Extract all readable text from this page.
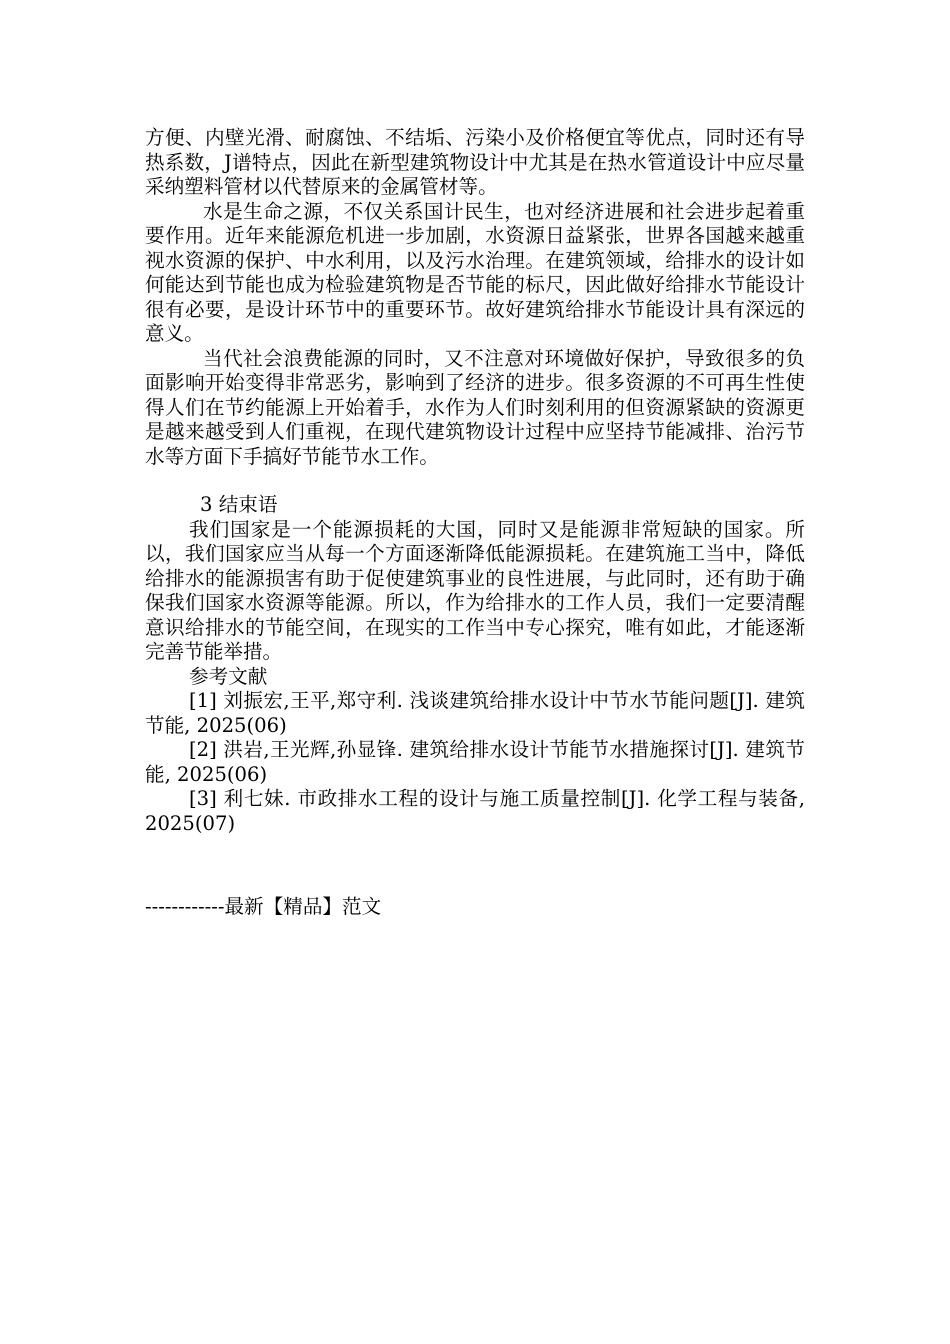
方便、内壁光滑、耐腐蚀、不结垢、污染小及价格便宜等优点，同时还有导热系数，J谱特点，因此在新型建筑物设计中尤其是在热水管道设计中应尽量采纳塑料管材以代替原来的金属管材等。

水是生命之源，不仅关系国计民生，也对经济进展和社会进步起着重要作用。近年来能源危机进一步加剧，水资源日益紧张，世界各国越来越重视水资源的保护、中水利用，以及污水治理。在建筑领域，给排水的设计如何能达到节能也成为检验建筑物是否节能的标尺，因此做好给排水节能设计很有必要，是设计环节中的重要环节。故好建筑给排水节能设计具有深远的意义。

当代社会浪费能源的同时，又不注意对环境做好保护，导致很多的负面影响开始变得非常恶劣，影响到了经济的进步。很多资源的不可再生性使得人们在节约能源上开始着手，水作为人们时刻利用的但资源紧缺的资源更是越来越受到人们重视，在现代建筑物设计过程中应坚持节能减排、治污节水等方面下手搞好节能节水工作。

3 结束语

我们国家是一个能源损耗的大国，同时又是能源非常短缺的国家。所以，我们国家应当从每一个方面逐渐降低能源损耗。在建筑施工当中，降低给排水的能源损害有助于促使建筑事业的良性进展，与此同时，还有助于确保我们国家水资源等能源。所以，作为给排水的工作人员，我们一定要清醒意识给排水的节能空间，在现实的工作当中专心探究，唯有如此，才能逐渐完善节能举措。

参考文献

[1] 刘振宏,王平,郑守利. 浅谈建筑给排水设计中节水节能问题[J]. 建筑节能, 2025(06)

[2] 洪岩,王光辉,孙显锋. 建筑给排水设计节能节水措施探讨[J]. 建筑节能, 2025(06)

[3] 利七妹. 市政排水工程的设计与施工质量控制[J]. 化学工程与装备, 2025(07)

------------最新【精品】范文
